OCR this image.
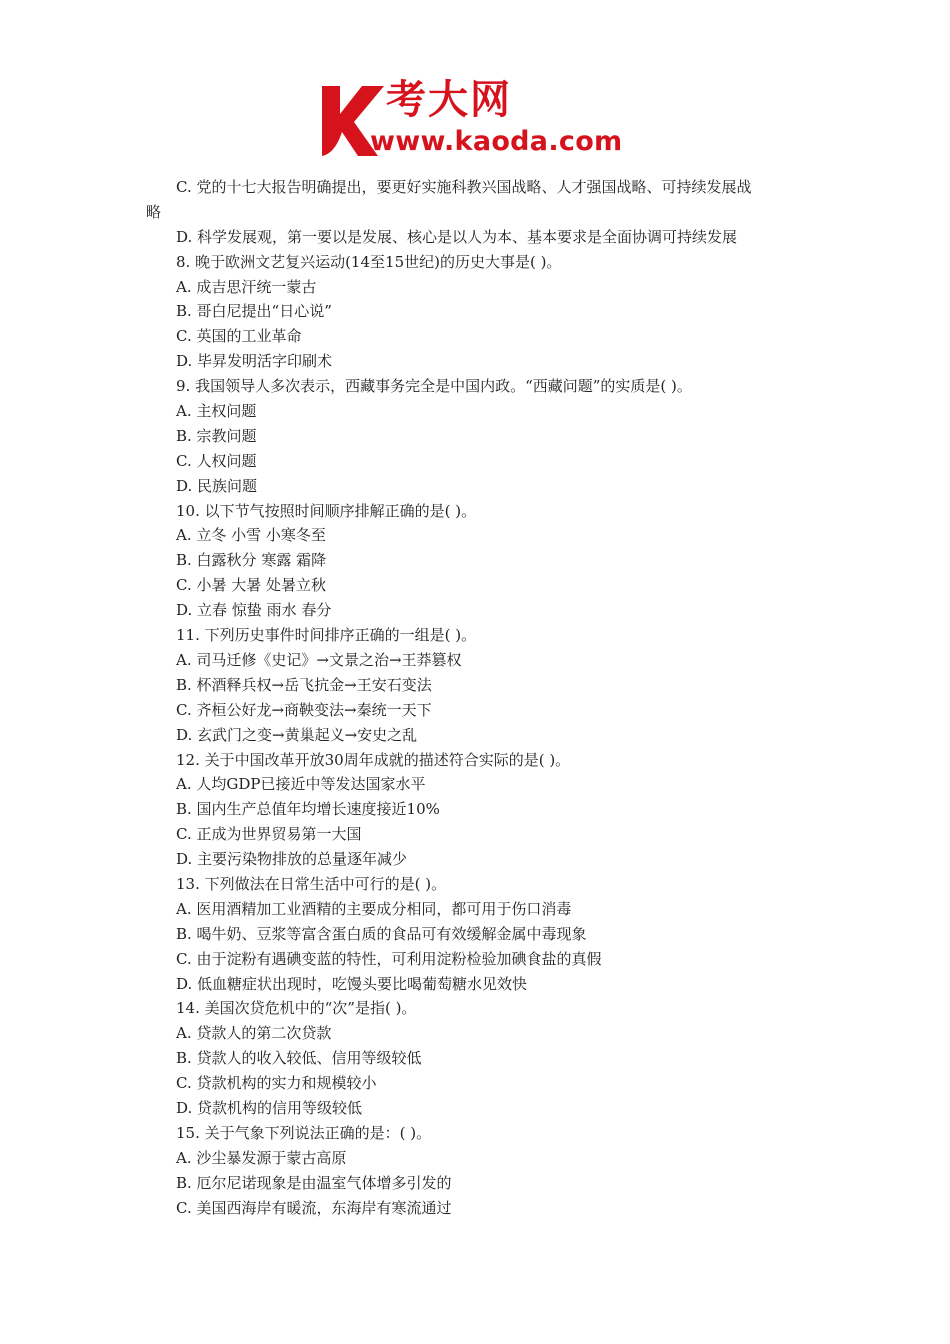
考大网
www.kaoda.com
C. 党的十七大报告明确提出，要更好实施科教兴国战略、人才强国战略、可持续发展战
略
D. 科学发展观，第一要以是发展、核心是以人为本、基本要求是全面协调可持续发展
8. 晚于欧洲文艺复兴运动(14至15世纪)的历史大事是( )。
A. 成吉思汗统一蒙古
B. 哥白尼提出“日心说”
C. 英国的工业革命
D. 毕昇发明活字印刷术
9. 我国领导人多次表示，西藏事务完全是中国内政。“西藏问题”的实质是( )。
A. 主权问题
B. 宗教问题
C. 人权问题
D. 民族问题
10. 以下节气按照时间顺序排解正确的是( )。
A. 立冬 小雪 小寒冬至
B. 白露秋分 寒露 霜降
C. 小暑 大暑 处暑立秋
D. 立春 惊蛰 雨水 春分
11. 下列历史事件时间排序正确的一组是( )。
A. 司马迁修《史记》→文景之治→王莽篡权
B. 杯酒释兵权→岳飞抗金→王安石变法
C. 齐桓公好龙→商鞅变法→秦统一天下
D. 玄武门之变→黄巢起义→安史之乱
12. 关于中国改革开放30周年成就的描述符合实际的是( )。
A. 人均GDP已接近中等发达国家水平
B. 国内生产总值年均增长速度接近10%
C. 正成为世界贸易第一大国
D. 主要污染物排放的总量逐年减少
13. 下列做法在日常生活中可行的是( )。
A. 医用酒精加工业酒精的主要成分相同，都可用于伤口消毒
B. 喝牛奶、豆浆等富含蛋白质的食品可有效缓解金属中毒现象
C. 由于淀粉有遇碘变蓝的特性，可利用淀粉检验加碘食盐的真假
D. 低血糖症状出现时，吃馒头要比喝葡萄糖水见效快
14. 美国次贷危机中的“次”是指( )。
A. 贷款人的第二次贷款
B. 贷款人的收入较低、信用等级较低
C. 贷款机构的实力和规模较小
D. 贷款机构的信用等级较低
15. 关于气象下列说法正确的是：( )。
A. 沙尘暴发源于蒙古高原
B. 厄尔尼诺现象是由温室气体增多引发的
C. 美国西海岸有暖流，东海岸有寒流通过
